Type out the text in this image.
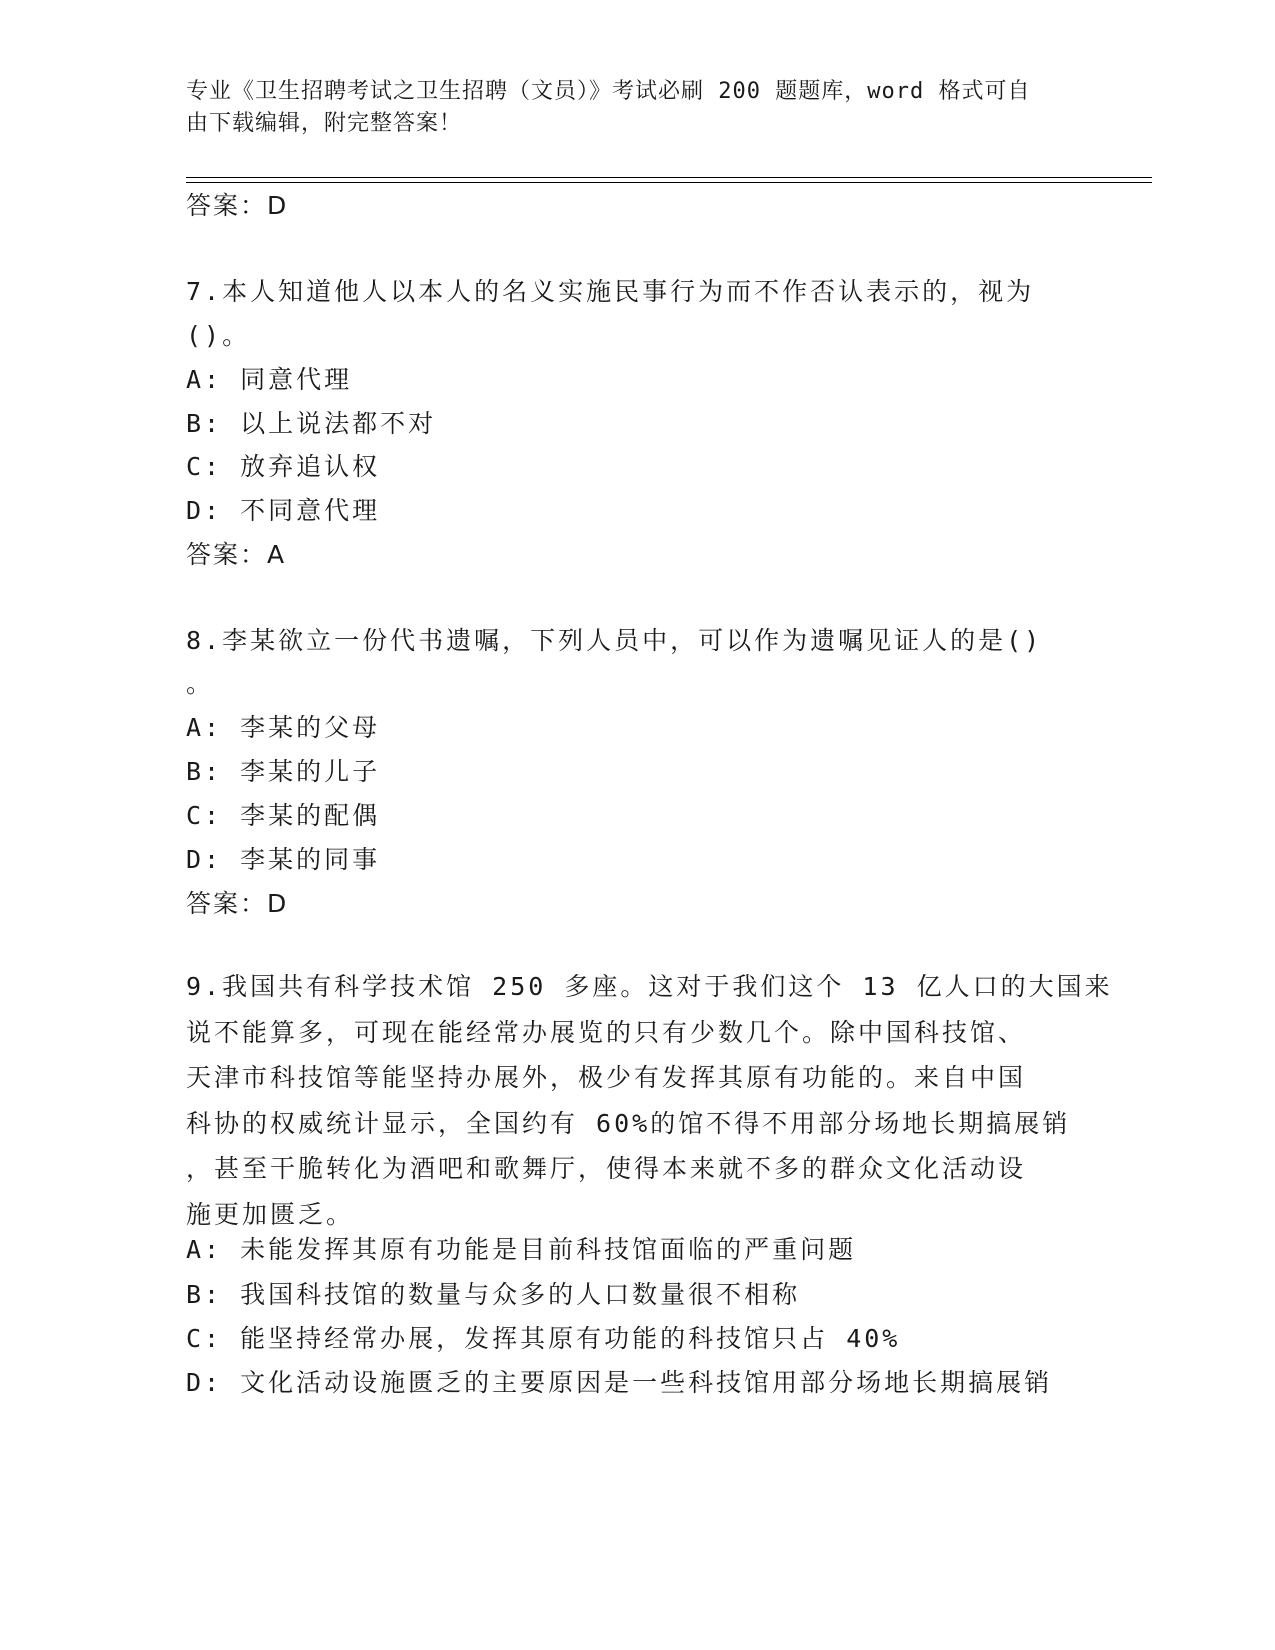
专业《卫生招聘考试之卫生招聘（文员）》考试必刷 200 题题库，word 格式可自
由下载编辑，附完整答案！
答案：D
7.本人知道他人以本人的名义实施民事行为而不作否认表示的，视为
()。
A: 同意代理
B: 以上说法都不对
C: 放弃追认权
D: 不同意代理
答案：A
8.李某欲立一份代书遗嘱，下列人员中，可以作为遗嘱见证人的是()
。
A: 李某的父母
B: 李某的儿子
C: 李某的配偶
D: 李某的同事
答案：D
9.我国共有科学技术馆 250 多座。这对于我们这个 13 亿人口的大国来
说不能算多，可现在能经常办展览的只有少数几个。除中国科技馆、
天津市科技馆等能坚持办展外，极少有发挥其原有功能的。来自中国
科协的权威统计显示，全国约有 60%的馆不得不用部分场地长期搞展销
，甚至干脆转化为酒吧和歌舞厅，使得本来就不多的群众文化活动设
施更加匮乏。
A: 未能发挥其原有功能是目前科技馆面临的严重问题
B: 我国科技馆的数量与众多的人口数量很不相称
C: 能坚持经常办展，发挥其原有功能的科技馆只占 40%
D: 文化活动设施匮乏的主要原因是一些科技馆用部分场地长期搞展销
